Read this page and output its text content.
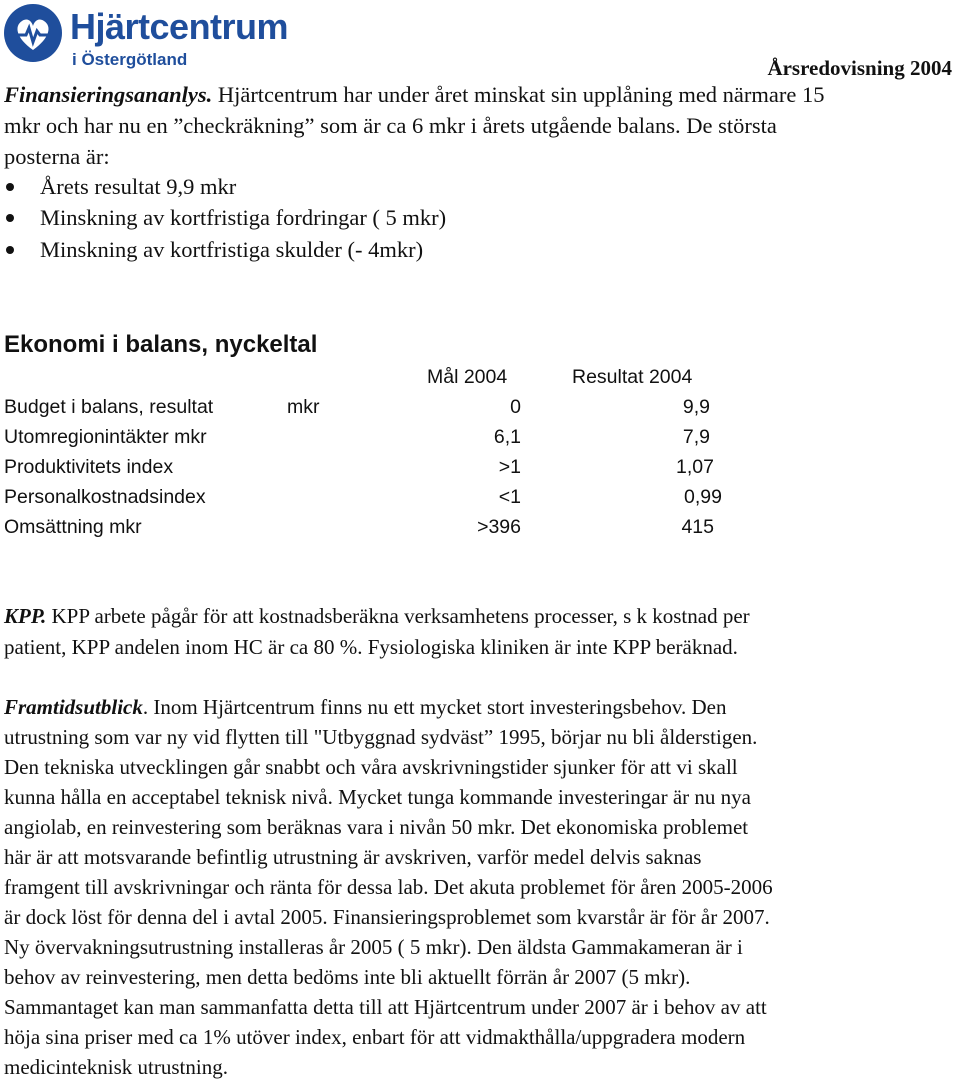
Hjärtcentrum
i Östergötland	Årsredovisning 2004
Finansieringsananlys. Hjärtcentrum har under året minskat sin upplåning med närmare 15
mkr och har nu en ”checkräkning” som är ca 6 mkr i årets utgående balans. De största
posterna är:
Årets resultat 9,9 mkr
Minskning av kortfristiga fordringar ( 5 mkr)
Minskning av kortfristiga skulder (- 4mkr)
Ekonomi i balans, nyckeltal
Mål 2004	Resultat 2004
Budget i balans, resultat	mkr	0	9,9
Utomregionintäkter mkr	6,1	7,9
Produktivitets index	>1	1,07
Personalkostnadsindex	<1	0,99
Omsättning mkr	>396	415
KPP. KPP arbete pågår för att kostnadsberäkna verksamhetens processer, s k kostnad per
patient, KPP andelen inom HC är ca 80 %. Fysiologiska kliniken är inte KPP beräknad.
Framtidsutblick. Inom Hjärtcentrum finns nu ett mycket stort investeringsbehov. Den
utrustning som var ny vid flytten till "Utbyggnad sydväst” 1995, börjar nu bli ålderstigen.
Den tekniska utvecklingen går snabbt och våra avskrivningstider sjunker för att vi skall
kunna hålla en acceptabel teknisk nivå. Mycket tunga kommande investeringar är nu nya
angiolab, en reinvestering som beräknas vara i nivån 50 mkr. Det ekonomiska problemet
här är att motsvarande befintlig utrustning är avskriven, varför medel delvis saknas
framgent till avskrivningar och ränta för dessa lab. Det akuta problemet för åren 2005-2006
är dock löst för denna del i avtal 2005. Finansieringsproblemet som kvarstår är för år 2007.
Ny övervakningsutrustning installeras år 2005 ( 5 mkr). Den äldsta Gammakameran är i
behov av reinvestering, men detta bedöms inte bli aktuellt förrän år 2007 (5 mkr).
Sammantaget kan man sammanfatta detta till att Hjärtcentrum under 2007 är i behov av att
höja sina priser med ca 1% utöver index, enbart för att vidmakthålla/uppgradera modern
medicinteknisk utrustning.
